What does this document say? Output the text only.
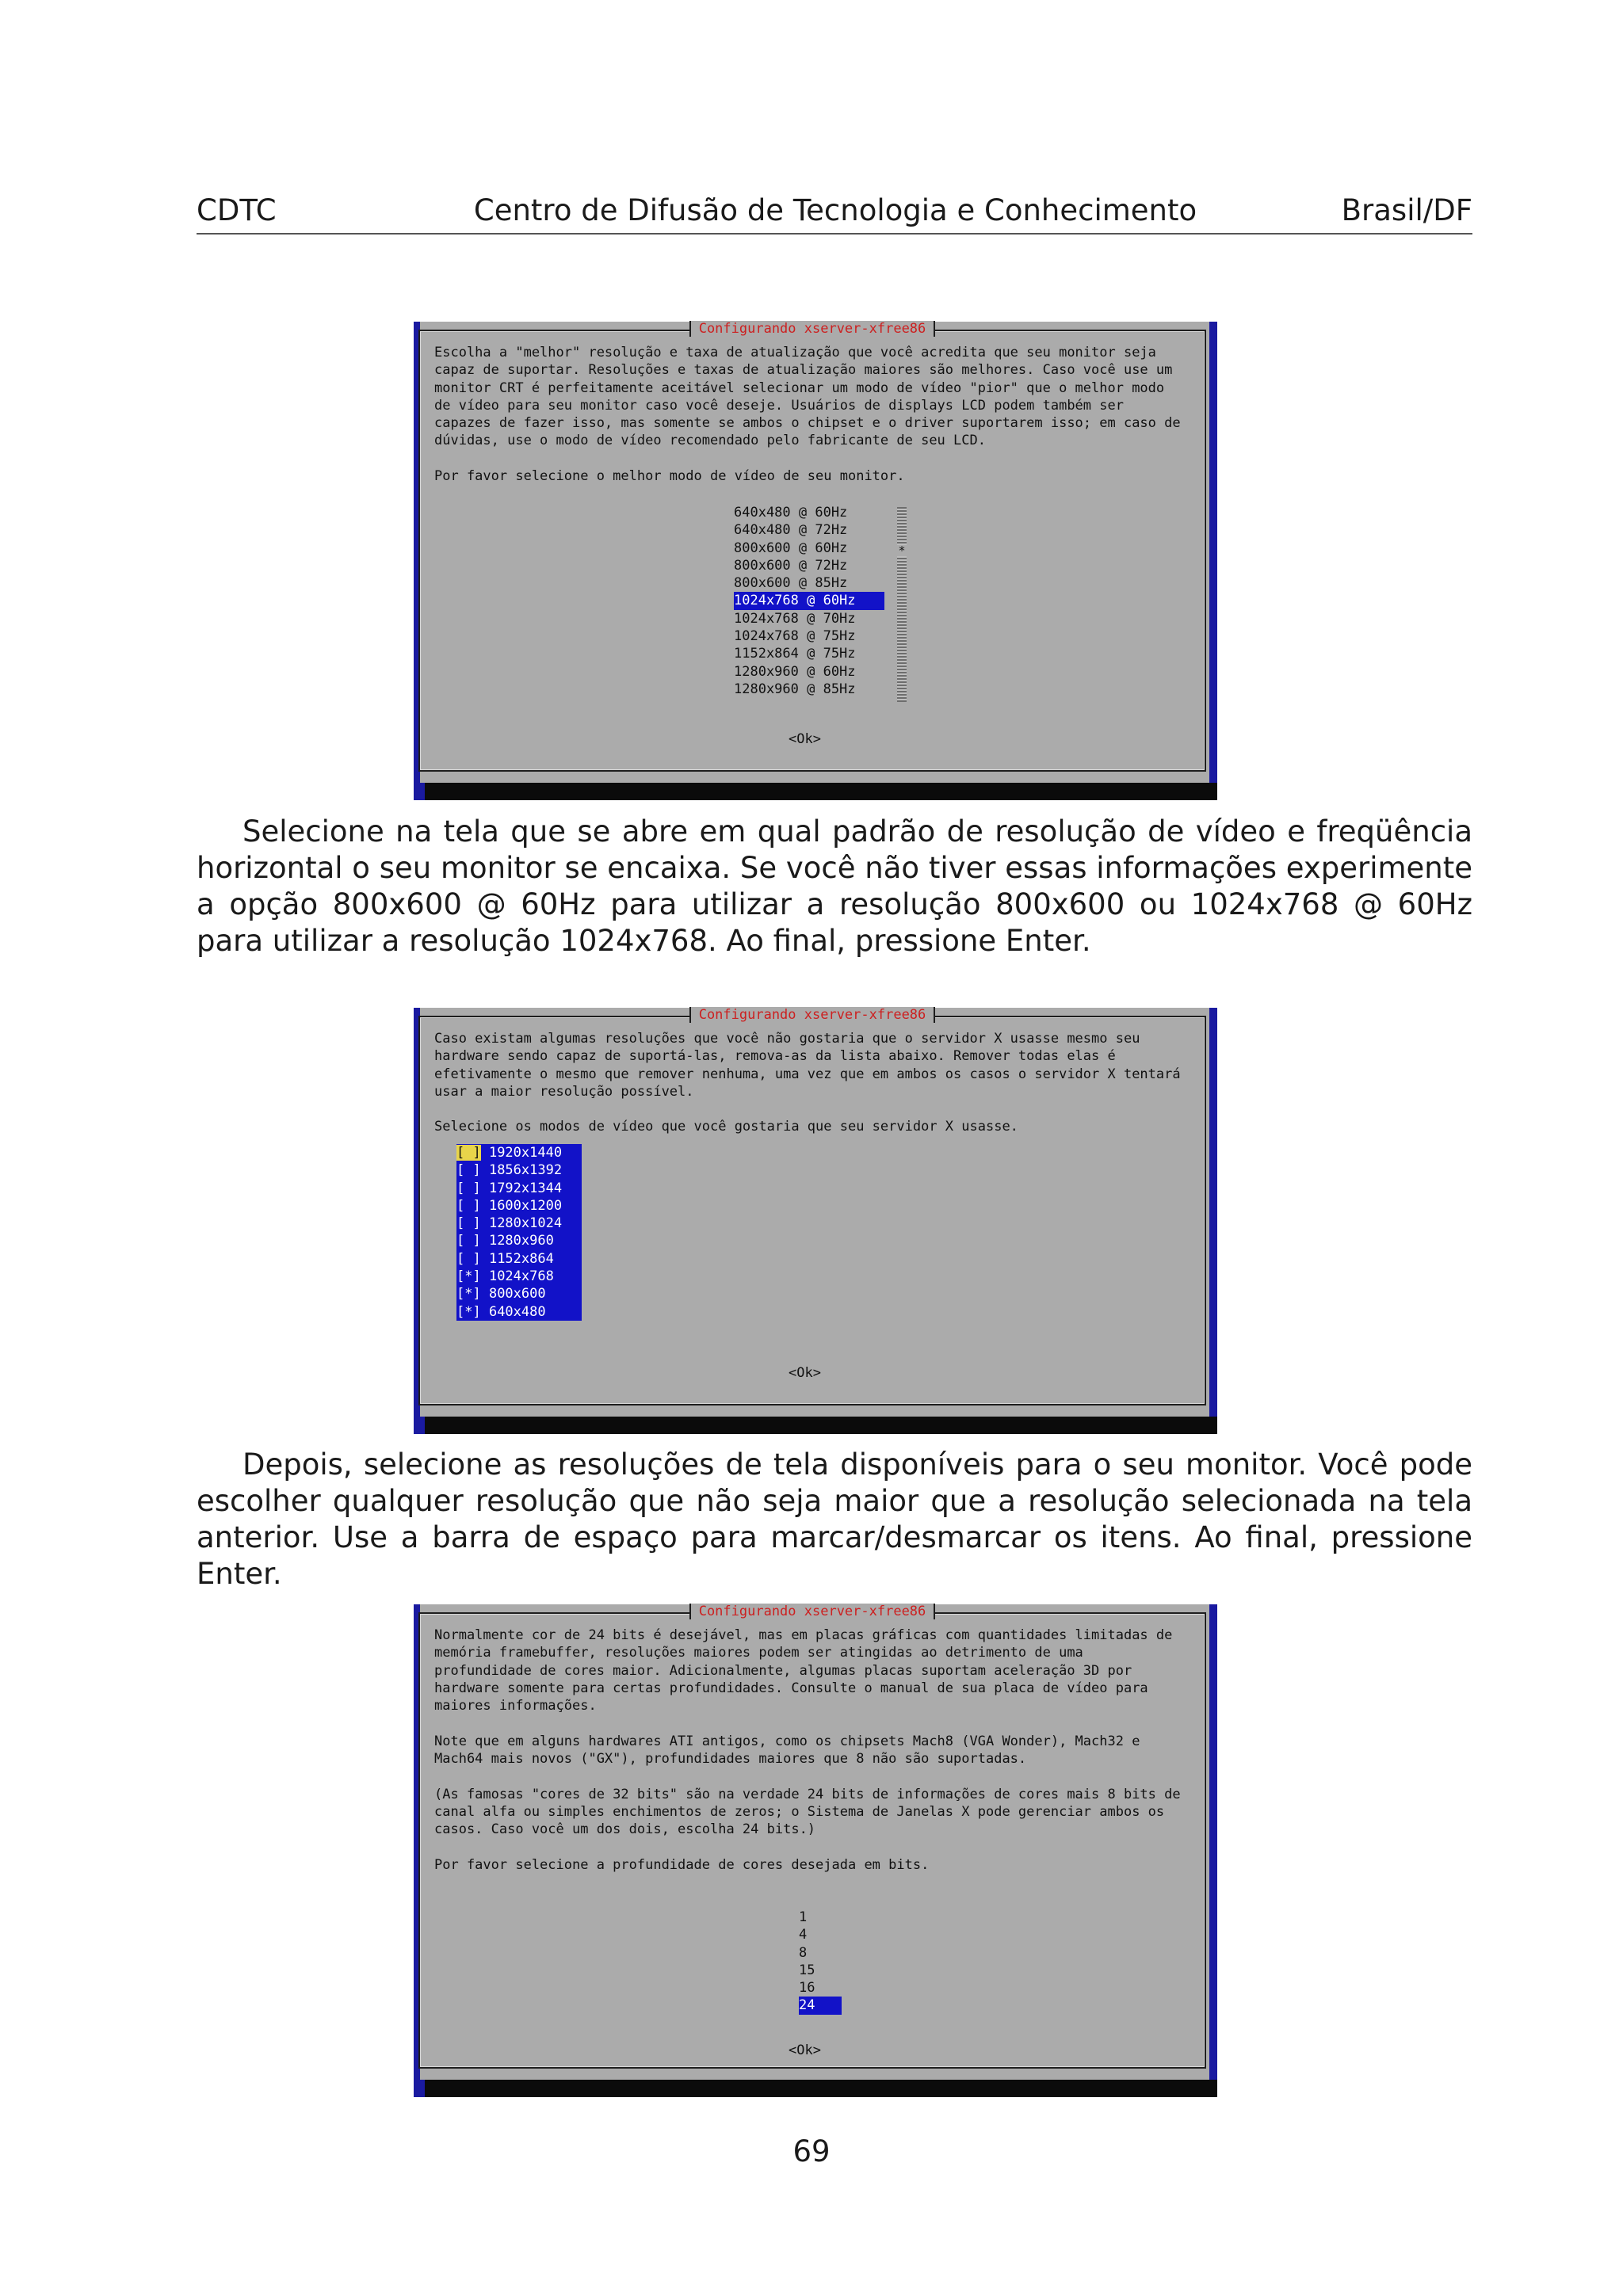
CDTC	Centro de Difusão de Tecnologia e Conhecimento	Brasil/DF
Configurando xserver-xfree86
Escolha a "melhor" resolução e taxa de atualização que você acredita que seu monitor seja
capaz de suportar. Resoluções e taxas de atualização maiores são melhores. Caso você use um
monitor CRT é perfeitamente aceitável selecionar um modo de vídeo "pior" que o melhor modo
de vídeo para seu monitor caso você deseje. Usuários de displays LCD podem também ser
capazes de fazer isso, mas somente se ambos o chipset e o driver suportarem isso; em caso de
dúvidas, use o modo de vídeo recomendado pelo fabricante de seu LCD.

Por favor selecione o melhor modo de vídeo de seu monitor.
640x480 @ 60Hz
640x480 @ 72Hz
800x600 @ 60Hz
800x600 @ 72Hz
800x600 @ 85Hz
1024x768 @ 60Hz
1024x768 @ 70Hz
1024x768 @ 75Hz
1152x864 @ 75Hz
1280x960 @ 60Hz
1280x960 @ 85Hz
*
<Ok>

Selecione na tela que se abre em qual padrão de resolução de vídeo e freqüência horizontal o seu monitor se encaixa. Se você não tiver essas informações experimente a opção 800x600 @ 60Hz para utilizar a resolução 800x600 ou 1024x768 @ 60Hz para utilizar a resolução 1024x768. Ao final, pressione Enter.

Configurando xserver-xfree86
Caso existam algumas resoluções que você não gostaria que o servidor X usasse mesmo seu
hardware sendo capaz de suportá-las, remova-as da lista abaixo. Remover todas elas é
efetivamente o mesmo que remover nenhuma, uma vez que em ambos os casos o servidor X tentará
usar a maior resolução possível.

Selecione os modos de vídeo que você gostaria que seu servidor X usasse.
[ ] 1920x1440
[ ] 1856x1392
[ ] 1792x1344
[ ] 1600x1200
[ ] 1280x1024
[ ] 1280x960
[ ] 1152x864
[*] 1024x768
[*] 800x600
[*] 640x480
<Ok>

Depois, selecione as resoluções de tela disponíveis para o seu monitor. Você pode escolher qualquer resolução que não seja maior que a resolução selecionada na tela anterior. Use a barra de espaço para marcar/desmarcar os itens. Ao final, pressione Enter.

Configurando xserver-xfree86
Normalmente cor de 24 bits é desejável, mas em placas gráficas com quantidades limitadas de
memória framebuffer, resoluções maiores podem ser atingidas ao detrimento de uma
profundidade de cores maior. Adicionalmente, algumas placas suportam aceleração 3D por
hardware somente para certas profundidades. Consulte o manual de sua placa de vídeo para
maiores informações.

Note que em alguns hardwares ATI antigos, como os chipsets Mach8 (VGA Wonder), Mach32 e
Mach64 mais novos ("GX"), profundidades maiores que 8 não são suportadas.

(As famosas "cores de 32 bits" são na verdade 24 bits de informações de cores mais 8 bits de
canal alfa ou simples enchimentos de zeros; o Sistema de Janelas X pode gerenciar ambos os
casos. Caso você um dos dois, escolha 24 bits.)

Por favor selecione a profundidade de cores desejada em bits.
1
4
8
15
16
24
<Ok>
69
